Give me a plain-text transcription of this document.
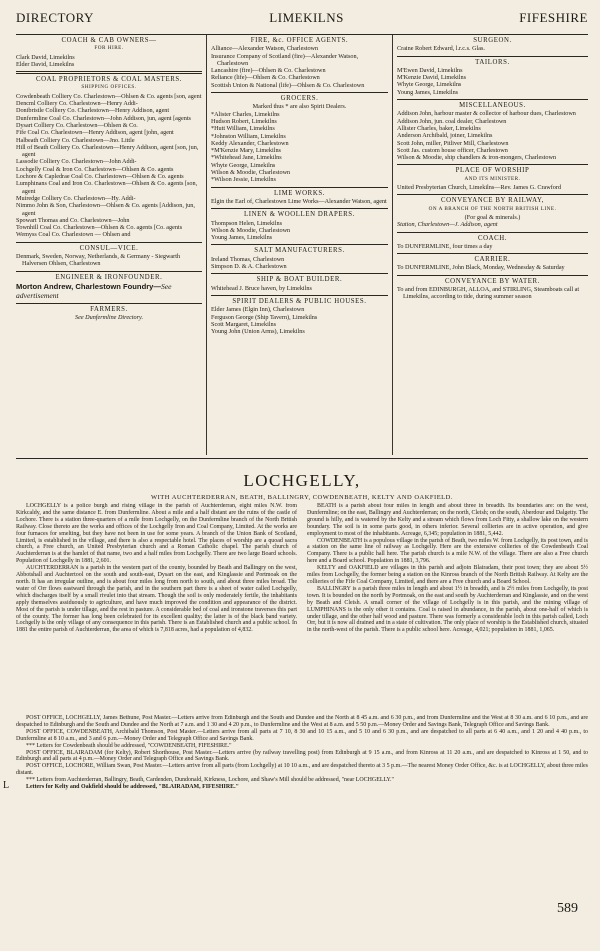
DIRECTORY	LIMEKILNS	FIFESHIRE
COACH & CAB OWNERS—
FOR HIRE.
Clark David, Limekilns
Elder David, Limekilns
COAL PROPRIETORS & COAL MASTERS.
SHIPPING OFFICES.
Cowdenbeath Colliery Co. Charlestown—Ohlsen & Co. agents [son, agent
Dencml Colliery Co. Charlestown—Henry Addi-
Donibristle Colliery Co. Charlestown—Henry Addison, agent
Dunfermline Coal Co. Charlestown—John Addison, jun, agent [agents
Dysart Colliery Co. Charlestown—Ohlsen & Co.
Fife Coal Co. Charlestown—Henry Addison, agent [john, agent
Halbeath Colliery Co. Charlestown—Jno. Little
Hill of Beath Colliery Co. Charlestown—Henry Addison, agent [son, jun, agent
Lassodie Colliery Co. Charlestown—John Addi-
Lochgelly Coal & Iron Co. Charlestown—Ohlsen & Co. agents
Lochore & Capledrae Coal Co. Charlestown—Ohlsen & Co. agents
Lumphinans Coal and Iron Co. Charlestown—Ohlsen & Co. agents [son, agent
Muiredge Colliery Co. Charlestown—Hy. Addi-
Nimmo John & Son, Charlestown—Ohlsen & Co. agents [Addison, jun, agent
Spowart Thomas and Co. Charlestown—John
Townhill Coal Co. Charlestown—Ohlsen & Co. agents [Co. agents
Wemyss Coal Co. Charlestown — Ohlsen and
CONSUL—VICE.
Denmark, Sweden, Norway, Netherlands, & Germany - Siegwarth Halversen Ohlsen, Charlestown
ENGINEER & IRONFOUNDER.
Morton Andrew, Charlestown Foundry—See advertisement
FARMERS.
See Dunfermline Directory.
FIRE, &c. OFFICE AGENTS.
Alliance—Alexander Watson, Charlestown
Insurance Company of Scotland (fire)—Alexander Watson, Charlestown
Lancashire (fire)—Ohlsen & Co. Charlestown
Reliance (life)—Ohlsen & Co. Charlestown
Scottish Union & National (life)—Ohlsen & Co. Charlestown
GROCERS.
Marked thus * are also Spirit Dealers.
*Alister Charles, Limekilns
Hudson Robert, Limekilns
*Hutt William, Limekilns
*Johnston William, Limekilns
Keddy Alexander, Charlestown
*M'Kenzie Mary, Limekilns
*Whitehead Jane, Limekilns
Whyte George, Limekilns
Wilson & Moodie, Charlestown
*Wilson Jessie, Limekilns
LIME WORKS.
Elgin the Earl of, Charlestown Lime Works—Alexander Watson, agent
LINEN & WOOLLEN DRAPERS.
Thompson Helen, Limekilns
Wilson & Moodie, Charlestown
Young James, Limekilns
SALT MANUFACTURERS.
Ireland Thomas, Charlestown
Simpson D. & A. Charlestown
SHIP & BOAT BUILDER.
Whitehead J. Bruce haven, by Limekilns
SPIRIT DEALERS & PUBLIC HOUSES.
Elder James (Elgin Inn), Charlestown
Ferguson George (Ship Tavern), Limekilns
Scott Margaret, Limekilns
Young John (Union Arms), Limekilns
SURGEON.
Craine Robert Edward, l.r.c.s. Glas.
TAILORS.
M'Ewen David, Limekilns
M'Kenzie David, Limekilns
Whyte George, Limekilns
Young James, Limekilns
MISCELLANEOUS.
Addison John, harbour master & collector of harbour dues, Charlestown
Addison John, jun. coal dealer, Charlestown
Allister Charles, baker, Limekilns
Anderson Archibald, joiner, Limekilns
Scott John, miller, Pitliver Mill, Charlestown
Scott Jas. custom house officer, Charlestown
Wilson & Moodie, ship chandlers & iron-mongers, Charlestown
PLACE OF WORSHIP
AND ITS MINISTER.
United Presbyterian Church, Limekilns—Rev. James G. Crawford
CONVEYANCE BY RAILWAY,
ON A BRANCH OF THE NORTH BRITISH LINE.
(For goal & minerals.)
Station, Charlestown—J. Addison, agent
COACH.
To DUNFERMLINE, four times a day
CARRIER.
To DUNFERMLINE, John Black, Monday, Wednesday & Saturday
CONVEYANCE BY WATER.
To and from EDINBURGH, ALLOA, and STIRLING, Steamboats call at Limekilns, according to tide, during summer season
LOCHGELLY,
WITH AUCHTERDERRAN, BEATH, BALLINGRY, COWDENBEATH, KELTY AND OAKFIELD.

LOCHGELLY is a police burgh and rising village in the parish of Auchterderran, eight miles N.W. from Kirkcaldy, and the same distance E. from Dunfermline. About a mile and a half distant are the ruins of the castle of Lochore. There is a station three-quarters of a mile from Lochgelly, on the Dunfermline branch of the North British Railway. Close thereto are the works and offices of the Lochgelly Iron and Coal Company, Limited. At the works are four furnaces for smelting, but they have not been in use for some years. A branch of the Union Bank of Scotland, Limited, is established in the village, and there is also a respectable hotel. The places of worship are a quoad sacra church, a Free church, an United Presbyterian church and a Roman Catholic chapel. The parish church of Auchterderran is at the hamlet of that name, two and a half miles from Lochgelly. There are two large Board schools. Population of Lochgelly in 1881, 2,601.

AUCHTERDERRAN is a parish in the western part of the county, bounded by Beath and Ballingry on the west, Abbotshall and Auchtertool on the south and south-east, Dysart on the east, and Kinglassie and Portmoak on the north. It has an irregular outline, and is about four miles long from north to south, and about three miles broad. The water of Orr flows eastward through the parish, and in the southern part there is a sheet of water called Lochgelly, which discharges itself by a small rivulet into that stream. Though the soil is only moderately fertile, the inhabitants apply themselves assiduously to agriculture, and have much improved the condition and appearance of the district. Most of the parish is under tillage, and the rest in pasture. A considerable bed of coal and ironstone traverses this part of the county. The former has long been celebrated for its excellent quality; the latter is of the black band variety. Lochgelly is the only village of any consequence in this parish. There is an Established church and a public school. In 1881 the entire parish of Auchterderran, the area of which is 7,818 acres, had a population of 4,832.

BEATH is a parish about four miles in length and about three in breadth. Its boundaries are: on the west, Dunfermline; on the east, Ballingry and Auchterderran; on the north, Cleish; on the south, Aberdour and Dalgetty. The ground is hilly, and is watered by the Kelty and a stream which flows from Loch Fitty, a shallow lake on the western boundary. The soil is in some parts good, in others inferior. Several collieries are in active operation, and give employment to most of the inhabitants. Acreage, 6,345; population in 1881, 5,442.

COWDENBEATH is a populous village in the parish of Beath, two miles W. from Lochgelly, its post town, and is a station on the same line of railway as Lochgelly. Here are the extensive collieries of the Cowdenbeath Coal Company. There is a public hall here. The parish church is a mile N.W. of the village. There are also a Free church here and a Board school. Population in 1881, 3,796.

KELTY and OAKFIELD are villages in this parish and adjoin Blairadam, their post town; they are about 5½ miles from Lochgelly, the former being a station on the Kinross branch of the North British Railway. At Kelty are the collieries of the Fife Coal Company, Limited, and there are a Free church and a Board School.

BALLINGRY is a parish three miles in length and about 1½ in breadth, and is 2½ miles from Lochgelly, its post town. It is bounded on the north by Portmoak, on the east and south by Auchterderran and Kinglassie, and on the west by Beath and Cleish. A small corner of the village of Lochgelly is in this parish, and the mining village of LUMPHINANS is the only other it contains. Coal is raised in abundance, in the parish, about one-half of which is under tillage, and the other half wood and pasture. There was formerly a considerable loch in this parish called, Loch Orr, but it is now all drained and in a state of cultivation. The only place of worship is the Established church, situated in the north-west of the parish. There is a public school here. Acreage, 4,021; population in 1881, 1,065.

POST OFFICE, LOCHGELLY, James Bethune, Post Master.—Letters arrive from Edinburgh and the South and Dundee and the North at 8 45 a.m. and 6 30 p.m., and from Dunfermline and the West at 8 30 a.m. and 6 10 p.m., and are despatched to Edinburgh and the South and Dundee and the North at 7 a.m. and 1 30 and 4 20 p.m., to Dunfermline and the West at 8 a.m. and 5 50 p.m.—Money Order and Savings Bank, Telegraph Office and Savings Bank.

POST OFFICE, COWDENBEATH, Archibald Thomson, Post Master.—Letters arrive from all parts at 7 10, 8 30 and 10 15 a.m., and 5 10 and 6 30 p.m., and are despatched to all parts at 6 40 a.m., and 1 20 and 4 40 p.m., to Dunfermline at 8 10 a.m., and 3 and 6 p.m.—Money Order and Telegraph Office and Savings Bank.

*** Letters for Cowdenbeath should be addressed, "COWDENBEATH, FIFESHIRE."

POST OFFICE, BLAIRADAM (for Kelty), Robert Shorthouse, Post Master.—Letters arrive (by railway travelling post) from Edinburgh at 9 15 a.m., and from Kinross at 11 20 a.m., and are despatched to Kinross at 1 50, and to Edinburgh and all parts at 4 p.m.—Money Order and Telegraph Office and Savings Bank.

POST OFFICE, LOCHORE, William Swan, Post Master.—Letters arrive from all parts (from Lochgelly) at 10 10 a.m., and are despatched thereto at 3 5 p.m.—The nearest Money Order Office, &c. is at LOCHGELLY, about three miles distant.

*** Letters from Auchterderran, Ballingry, Beath, Cardenden, Dundonald, Kirkness, Lochore, and Shaw's Mill should be addressed, "near LOCHGELLY."

Letters for Kelty and Oakfield should be addressed, "BLAIRADAM, FIFESHIRE."

L
589
